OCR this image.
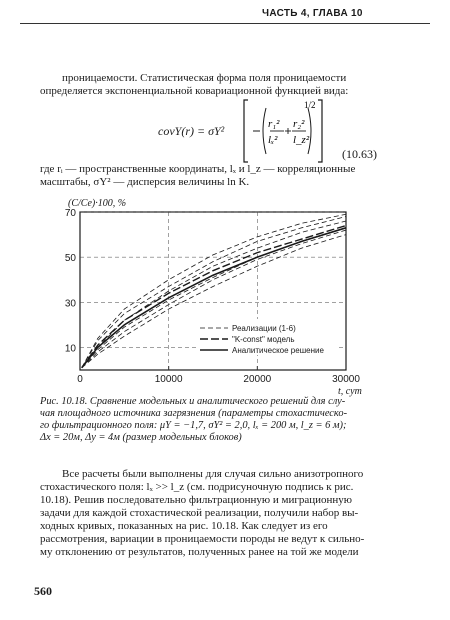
ЧАСТЬ 4, ГЛАВА 10
проницаемости. Статистическая форма поля проницаемости
определяется экспоненциальной ковариационной функцией вида:
covY(r) = σY²	r₁²
lₓ²
r₂²
l_z²
1/2
(10.63)
где rᵢ — пространственные координаты, lₓ и l_z — корреляционные
масштабы, σY² — дисперсия величины ln K.
10
30
50
70
0	10000	20000	30000
(C/Ce)·100, %
t, сут
Реализации (1-6)
"K-const" модель
Аналитическое решение
Рис. 10.18. Сравнение модельных и аналитического решений для слу-
чая площадного источника загрязнения (параметры стохастическо-
го фильтрационного поля: μY = −1,7, σY² = 2,0, lₓ = 200 м, l_z = 6 м);
Δx = 20м, Δy = 4м (размер модельных блоков)
Все расчеты были выполнены для случая сильно анизотропного
стохастического поля: lₓ >> l_z (см. подрисуночную подпись к рис.
10.18). Решив последовательно фильтрационную и миграционную
задачи для каждой стохастической реализации, получили набор вы-
ходных кривых, показанных на рис. 10.18. Как следует из его
рассмотрения, вариации в проницаемости породы не ведут к сильно-
му отклонению от результатов, полученных ранее на той же модели
560
